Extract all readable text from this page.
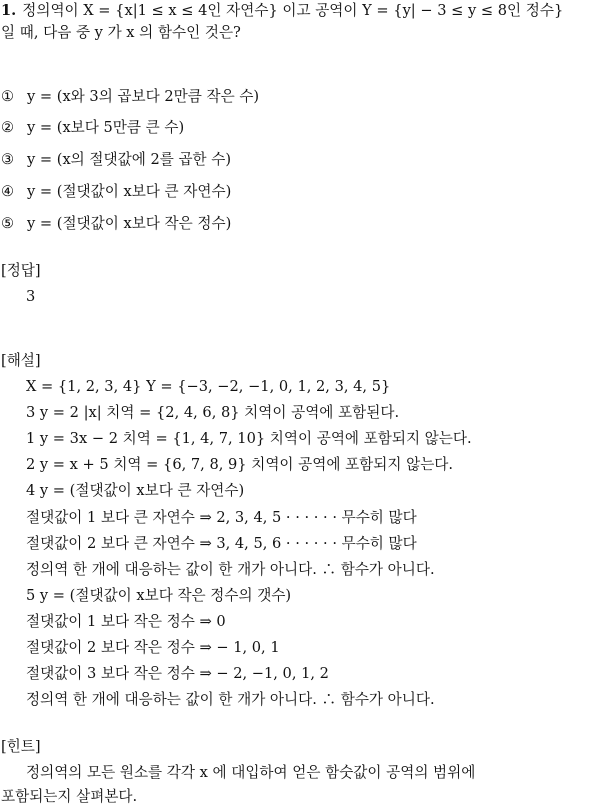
1. 정의역이 X = {x|1 ≤ x ≤ 4인 자연수} 이고 공역이 Y = {y| − 3 ≤ y ≤ 8인 정수}
일 때, 다음 중 y 가 x 의 함수인 것은?
① y = (x와 3의 곱보다 2만큼 작은 수)
② y = (x보다 5만큼 큰 수)
③ y = (x의 절댓값에 2를 곱한 수)
④ y = (절댓값이 x보다 큰 자연수)
⑤ y = (절댓값이 x보다 작은 정수)
[정답]
3
[해설]
X = {1, 2, 3, 4} Y = {−3, −2, −1, 0, 1, 2, 3, 4, 5}
3 y = 2 |x| 치역 = {2, 4, 6, 8} 치역이 공역에 포함된다.
1 y = 3x − 2 치역 = {1, 4, 7, 10} 치역이 공역에 포함되지 않는다.
2 y = x + 5 치역 = {6, 7, 8, 9} 치역이 공역에 포함되지 않는다.
4 y = (절댓값이 x보다 큰 자연수)
절댓값이 1 보다 큰 자연수 ⇒ 2, 3, 4, 5 · · · · · · 무수히 많다
절댓값이 2 보다 큰 자연수 ⇒ 3, 4, 5, 6 · · · · · · 무수히 많다
정의역 한 개에 대응하는 값이 한 개가 아니다. ∴ 함수가 아니다.
5 y = (절댓값이 x보다 작은 정수의 갯수)
절댓값이 1 보다 작은 정수 ⇒ 0
절댓값이 2 보다 작은 정수 ⇒ − 1, 0, 1
절댓값이 3 보다 작은 정수 ⇒ − 2, −1, 0, 1, 2
정의역 한 개에 대응하는 값이 한 개가 아니다. ∴ 함수가 아니다.
[힌트]
정의역의 모든 원소를 각각 x 에 대입하여 얻은 함숫값이 공역의 범위에
포함되는지 살펴본다.
